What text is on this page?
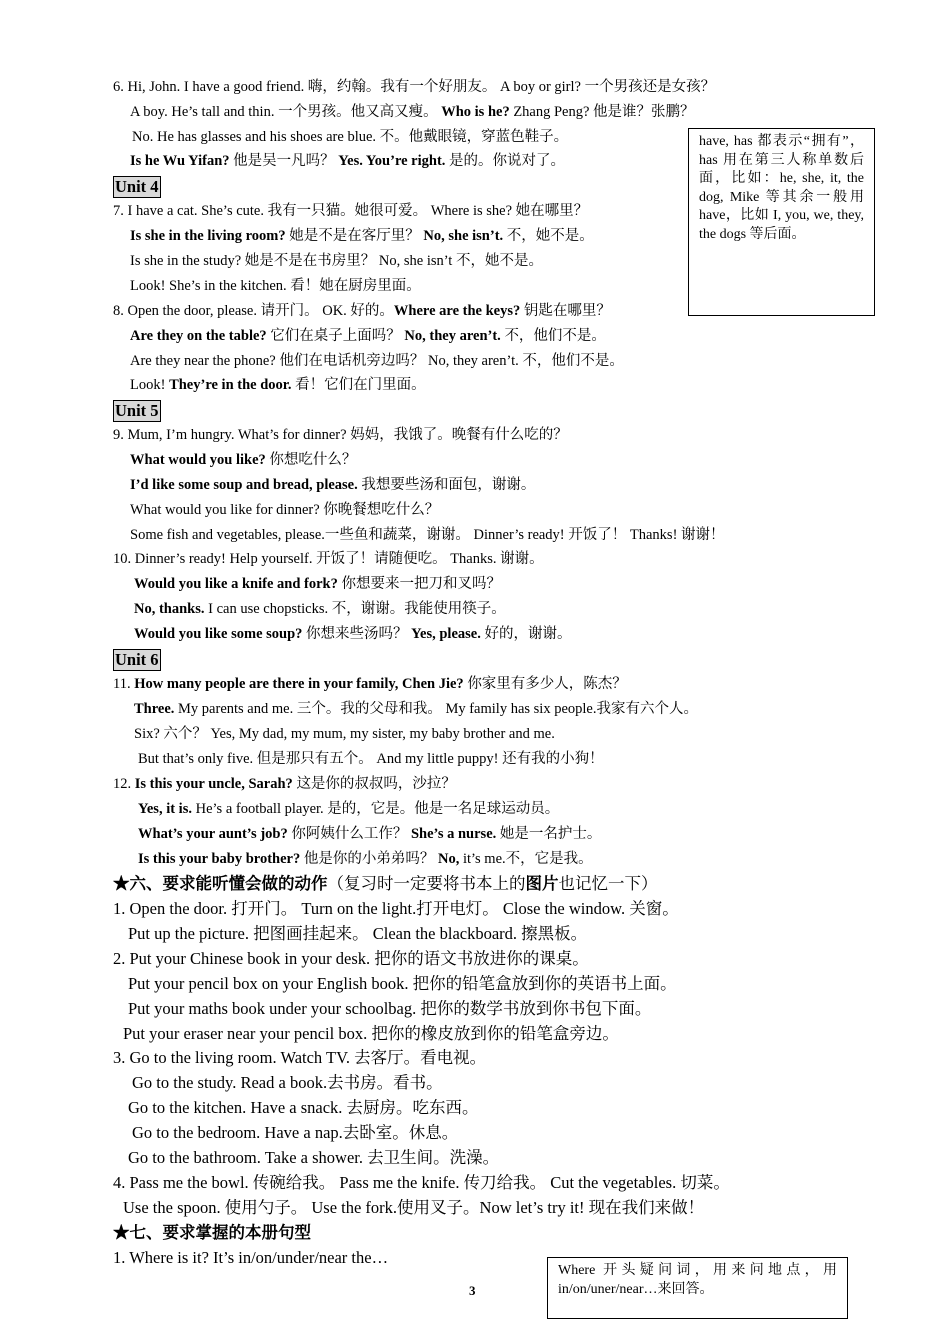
6. Hi, John. I have a good friend. 嗨，约翰。我有一个好朋友。 A boy or girl? 一个男孩还是女孩？
A boy. He’s tall and thin. 一个男孩。他又高又瘦。 Who is he? Zhang Peng? 他是谁？张鹏？
No. He has glasses and his shoes are blue. 不。他戴眼镜，穿蓝色鞋子。
Is he Wu Yifan? 他是吴一凡吗？ Yes. You’re right. 是的。你说对了。
have, has 都表示“拥有”，has 用在第三人称单数后面，比如：he, she, it, the dog, Mike 等其余一般用 have，比如 I, you, we, they, the dogs 等后面。
Unit 4
7. I have a cat. She’s cute. 我有一只猫。她很可爱。 Where is she? 她在哪里？
Is she in the living room? 她是不是在客厅里？ No, she isn’t. 不，她不是。
Is she in the study? 她是不是在书房里？ No, she isn’t 不，她不是。
Look! She’s in the kitchen. 看！她在厨房里面。
8. Open the door, please. 请开门。 OK. 好的。Where are the keys? 钥匙在哪里？
Are they on the table? 它们在桌子上面吗？ No, they aren’t. 不，他们不是。
Are they near the phone? 他们在电话机旁边吗？ No, they aren’t. 不，他们不是。
Look! They’re in the door. 看！它们在门里面。
Unit 5
9. Mum, I’m hungry. What’s for dinner? 妈妈，我饿了。晚餐有什么吃的？
What would you like? 你想吃什么？
I’d like some soup and bread, please. 我想要些汤和面包，谢谢。
What would you like for dinner? 你晚餐想吃什么？
Some fish and vegetables, please.一些鱼和蔬菜，谢谢。 Dinner’s ready! 开饭了！ Thanks! 谢谢！
10. Dinner’s ready! Help yourself. 开饭了！请随便吃。 Thanks. 谢谢。
Would you like a knife and fork? 你想要来一把刀和叉吗？
No, thanks. I can use chopsticks. 不，谢谢。我能使用筷子。
Would you like some soup? 你想来些汤吗？ Yes, please. 好的，谢谢。
Unit 6
11. How many people are there in your family, Chen Jie? 你家里有多少人，陈杰？
Three. My parents and me. 三个。我的父母和我。 My family has six people.我家有六个人。
Six? 六个？ Yes, My dad, my mum, my sister, my baby brother and me.
But that’s only five. 但是那只有五个。 And my little puppy! 还有我的小狗！
12. Is this your uncle, Sarah? 这是你的叔叔吗，沙拉？
Yes, it is. He’s a football player. 是的，它是。他是一名足球运动员。
What’s your aunt’s job? 你阿姨什么工作？ She’s a nurse. 她是一名护士。
Is this your baby brother? 他是你的小弟弟吗？ No, it’s me.不，它是我。
★六、要求能听懂会做的动作（复习时一定要将书本上的图片也记忆一下）
1. Open the door. 打开门。 Turn on the light.打开电灯。 Close the window. 关窗。
Put up the picture. 把图画挂起来。 Clean the blackboard. 擦黑板。
2. Put your Chinese book in your desk. 把你的语文书放进你的课桌。
Put your pencil box on your English book. 把你的铅笔盒放到你的英语书上面。
Put your maths book under your schoolbag. 把你的数学书放到你书包下面。
Put your eraser near your pencil box. 把你的橡皮放到你的铅笔盒旁边。
3. Go to the living room. Watch TV. 去客厅。看电视。
Go to the study. Read a book.去书房。看书。
Go to the kitchen. Have a snack. 去厨房。吃东西。
Go to the bedroom. Have a nap.去卧室。休息。
Go to the bathroom. Take a shower. 去卫生间。洗澡。
4. Pass me the bowl. 传碗给我。 Pass me the knife. 传刀给我。 Cut the vegetables. 切菜。
Use the spoon. 使用勺子。 Use the fork.使用叉子。Now let’s try it! 现在我们来做！
★七、要求掌握的本册句型
1. Where is it? It’s in/on/under/near the…
Where 开头疑问词，用来问地点，用 in/on/uner/near…来回答。
3
